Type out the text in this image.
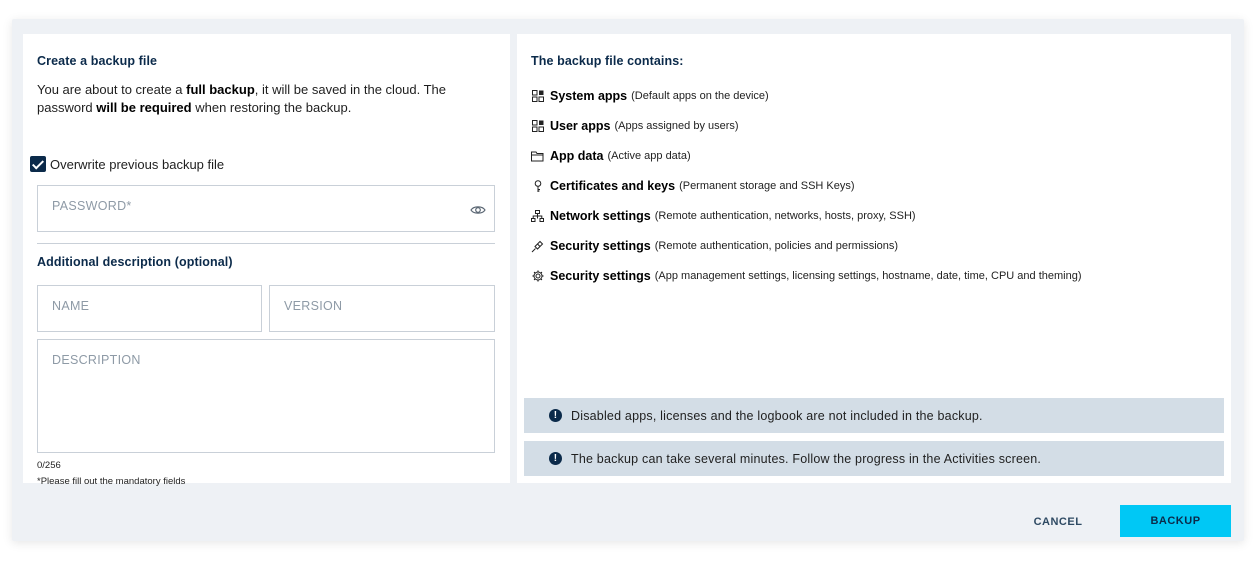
Create a backup file
You are about to create a full backup, it will be saved in the cloud. The password will be required when restoring the backup.
Overwrite previous backup file
PASSWORD*
Additional description (optional)
NAME	VERSION
DESCRIPTION
0/256
*Please fill out the mandatory fields
The backup file contains:
System apps (Default apps on the device)
User apps (Apps assigned by users)
App data (Active app data)
Certificates and keys (Permanent storage and SSH Keys)
Network settings (Remote authentication, networks, hosts, proxy, SSH)
Security settings (Remote authentication, policies and permissions)
Security settings (App management settings, licensing settings, hostname, date, time, CPU and theming)
!	Disabled apps, licenses and the logbook are not included in the backup.
!	The backup can take several minutes. Follow the progress in the Activities screen.
CANCEL	BACKUP
